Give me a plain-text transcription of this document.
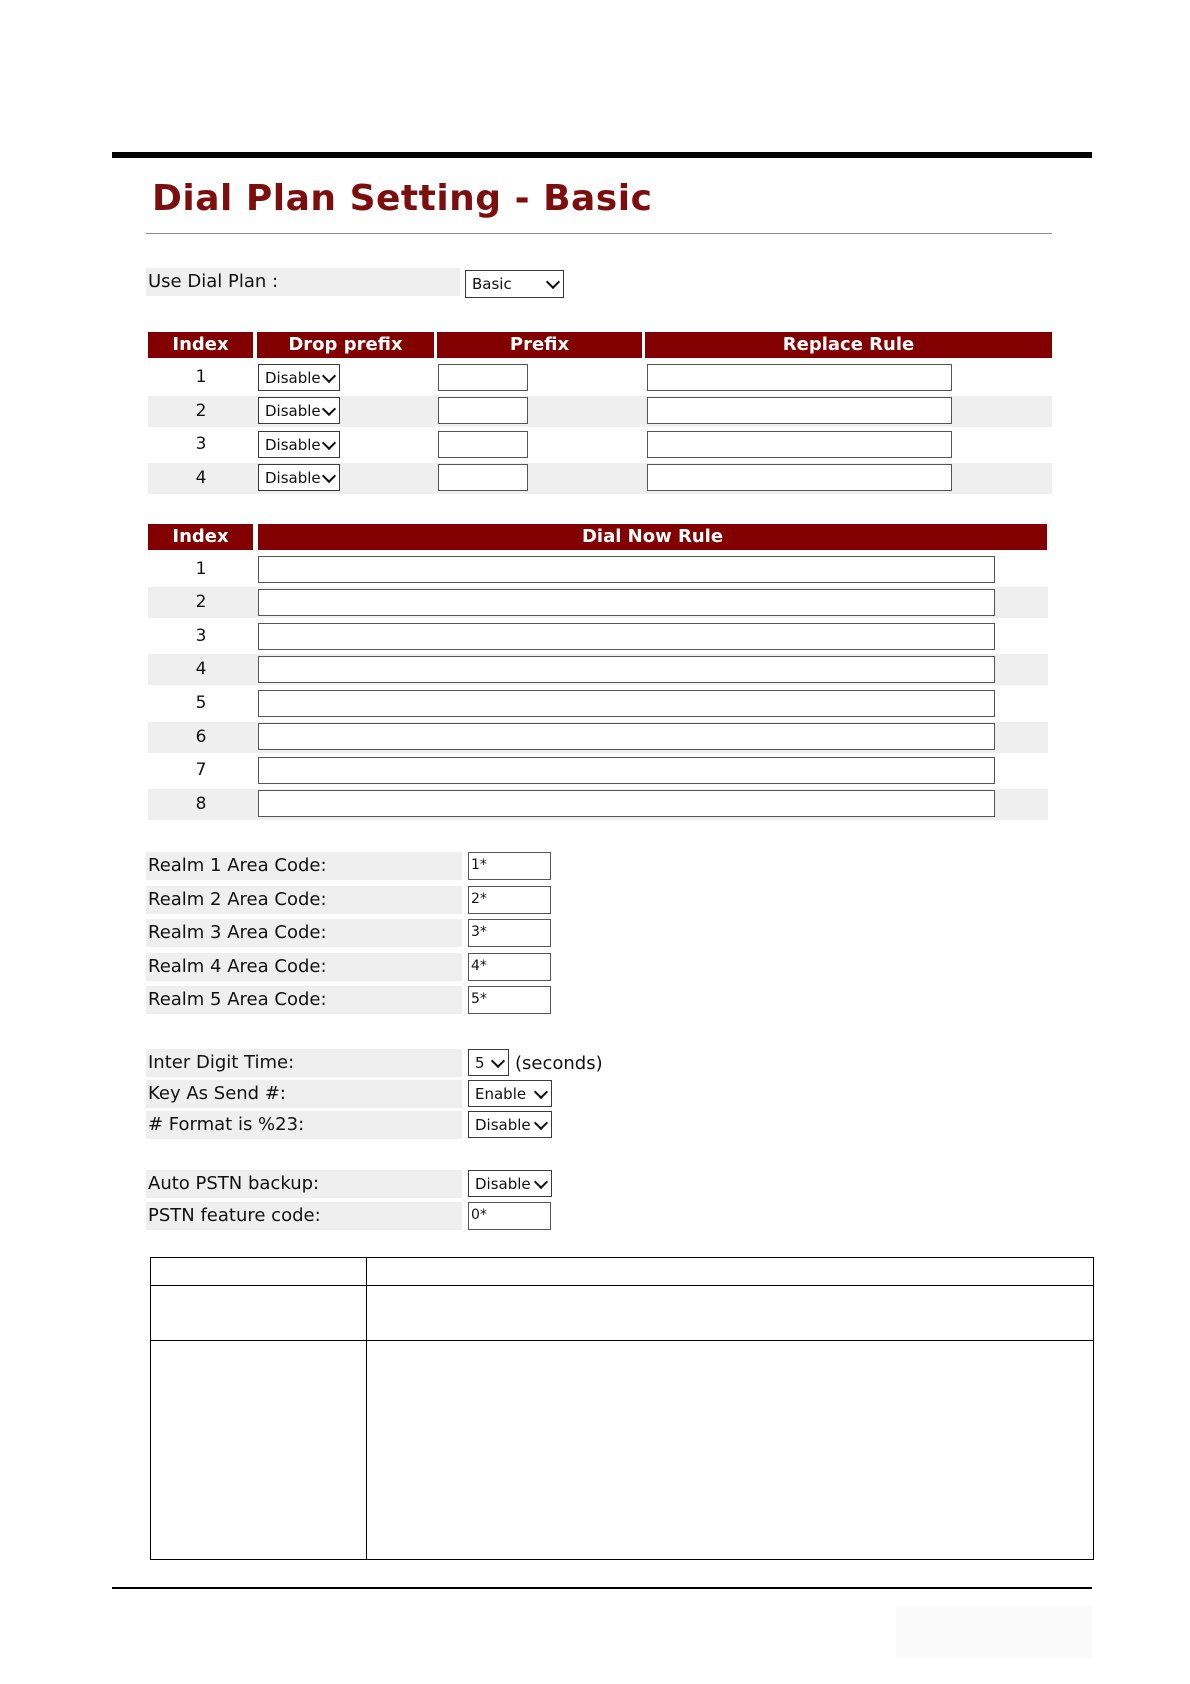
Dial Plan Setting - Basic
Use Dial Plan :	Basic
Index	Drop prefix	Prefix	Replace Rule
1	Disable
2	Disable
3	Disable
4	Disable
Index	Dial Now Rule
1
2
3
4
5
6
7
8
Realm 1 Area Code:	1*
Realm 2 Area Code:	2*
Realm 3 Area Code:	3*
Realm 4 Area Code:	4*
Realm 5 Area Code:	5*
Inter Digit Time:	5 (seconds)
Key As Send #:	Enable
# Format is %23:	Disable
Auto PSTN backup:	Disable
PSTN feature code:	0*
